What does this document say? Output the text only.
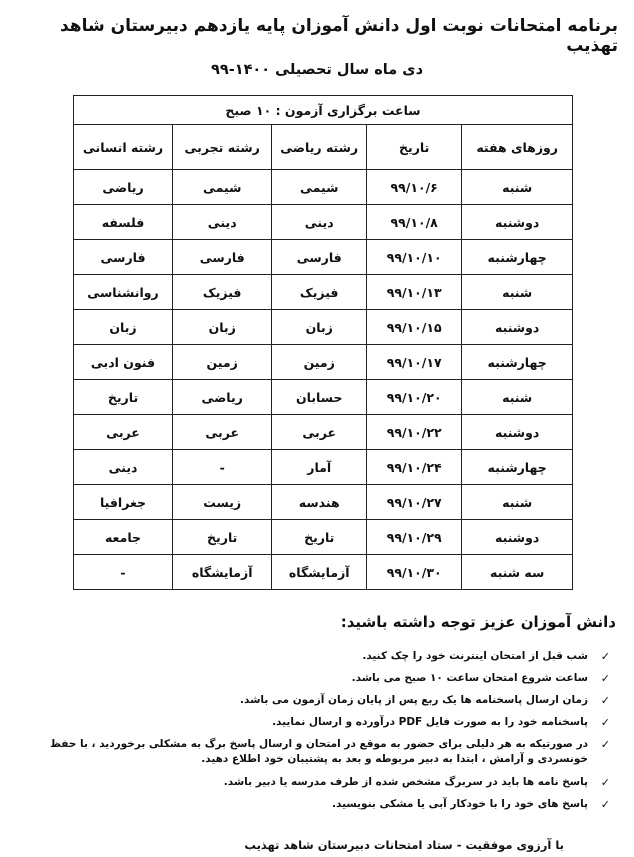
برنامه امتحانات نوبت اول دانش آموزان پایه یازدهم دبیرستان شاهد تهذیب
دی ماه سال تحصیلی ۱۴۰۰-۹۹
ساعت برگزاری آزمون : ۱۰ صبح				
روزهای هفته	تاریخ	رشته ریاضی	رشته تجربی	رشته انسانی
شنبه	۹۹/۱۰/۶	شیمی	شیمی	ریاضی
دوشنبه	۹۹/۱۰/۸	دینی	دینی	فلسفه
چهارشنبه	۹۹/۱۰/۱۰	فارسی	فارسی	فارسی
شنبه	۹۹/۱۰/۱۳	فیزیک	فیزیک	روانشناسی
دوشنبه	۹۹/۱۰/۱۵	زبان	زبان	زبان
چهارشنبه	۹۹/۱۰/۱۷	زمین	زمین	فنون ادبی
شنبه	۹۹/۱۰/۲۰	حسابان	ریاضی	تاریخ
دوشنبه	۹۹/۱۰/۲۲	عربی	عربی	عربی
چهارشنبه	۹۹/۱۰/۲۴	آمار	-	دینی
شنبه	۹۹/۱۰/۲۷	هندسه	زیست	جغرافیا
دوشنبه	۹۹/۱۰/۲۹	تاریخ	تاریخ	جامعه
سه شنبه	۹۹/۱۰/۳۰	آزمایشگاه	آزمایشگاه	-
دانش آموزان عزیز توجه داشته باشید:
✓
شب قبل از امتحان اینترنت خود را چک کنید.
✓
ساعت شروع امتحان ساعت ۱۰ صبح می باشد.
✓
زمان ارسال پاسخنامه ها یک ربع پس از پایان زمان آزمون می باشد.
✓
پاسخنامه خود را به صورت فایل PDF درآورده و ارسال نمایید.
✓
در صورتیکه به هر دلیلی برای حضور به موقع در امتحان و ارسال پاسخ برگ به مشکلی برخوردید ، با حفظ خونسردی و آرامش ، ابتدا به دبیر مربوطه و بعد به پشتیبان خود اطلاع دهید.
✓
پاسخ نامه ها باید در سربرگ مشخص شده از طرف مدرسه یا دبیر باشد.
✓
پاسخ های خود را با خودکار آبی یا مشکی بنویسید.
با آرزوی موفقیت - ستاد امتحانات دبیرستان شاهد تهذیب
